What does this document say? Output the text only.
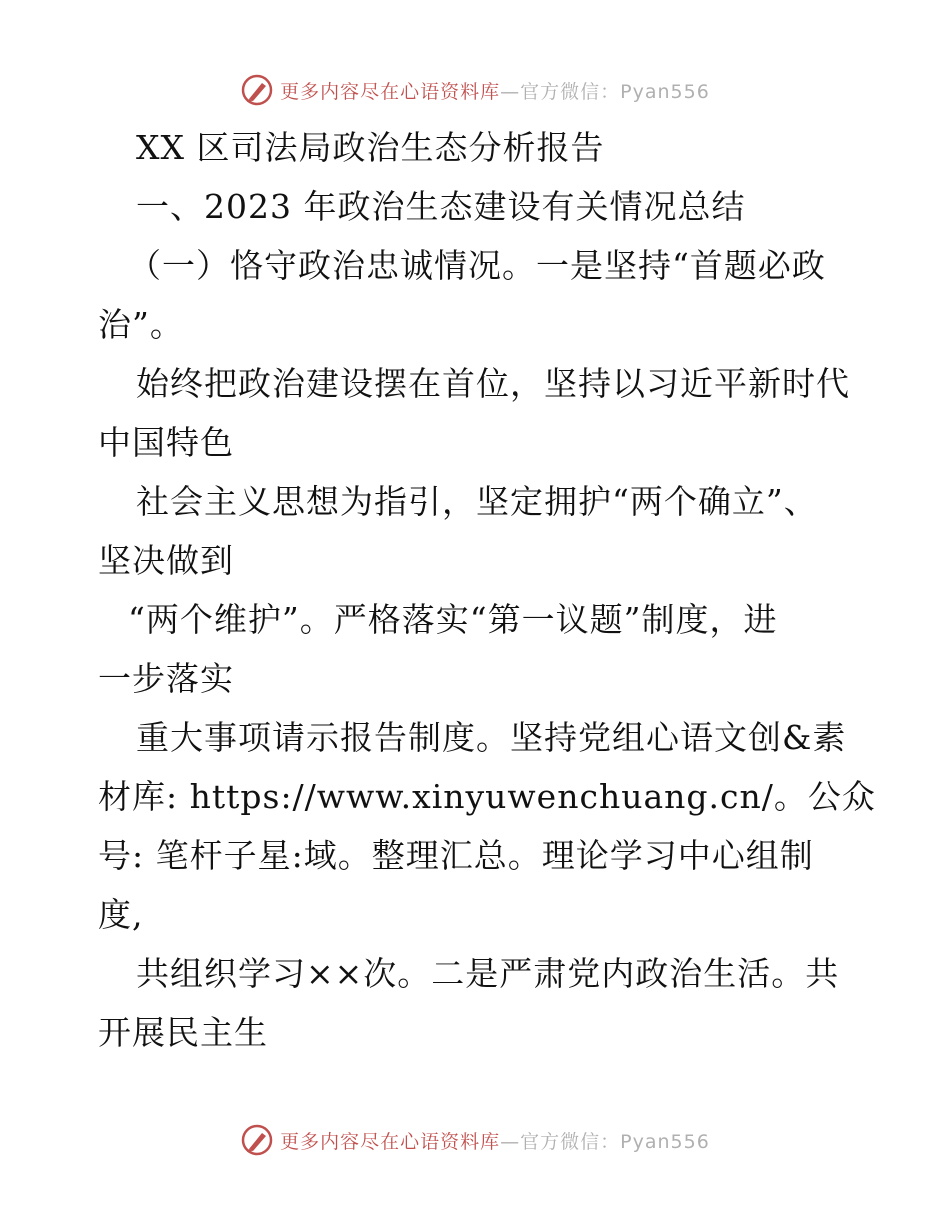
更多内容尽在心语资料库—官方微信：Pyan556
XX 区司法局政治生态分析报告
一、2023 年政治生态建设有关情况总结
（一）恪守政治忠诚情况。一是坚持“首题必政
治”。
始终把政治建设摆在首位，坚持以习近平新时代
中国特色
社会主义思想为指引，坚定拥护“两个确立”、
坚决做到
“两个维护”。严格落实“第一议题”制度，进
一步落实
重大事项请示报告制度。坚持党组心语文创&素
材库: https://www.xinyuwenchuang.cn/。公众
号: 笔杆子星:域。整理汇总。理论学习中心组制
度,
共组织学习××次。二是严肃党内政治生活。共
开展民主生
更多内容尽在心语资料库—官方微信：Pyan556
